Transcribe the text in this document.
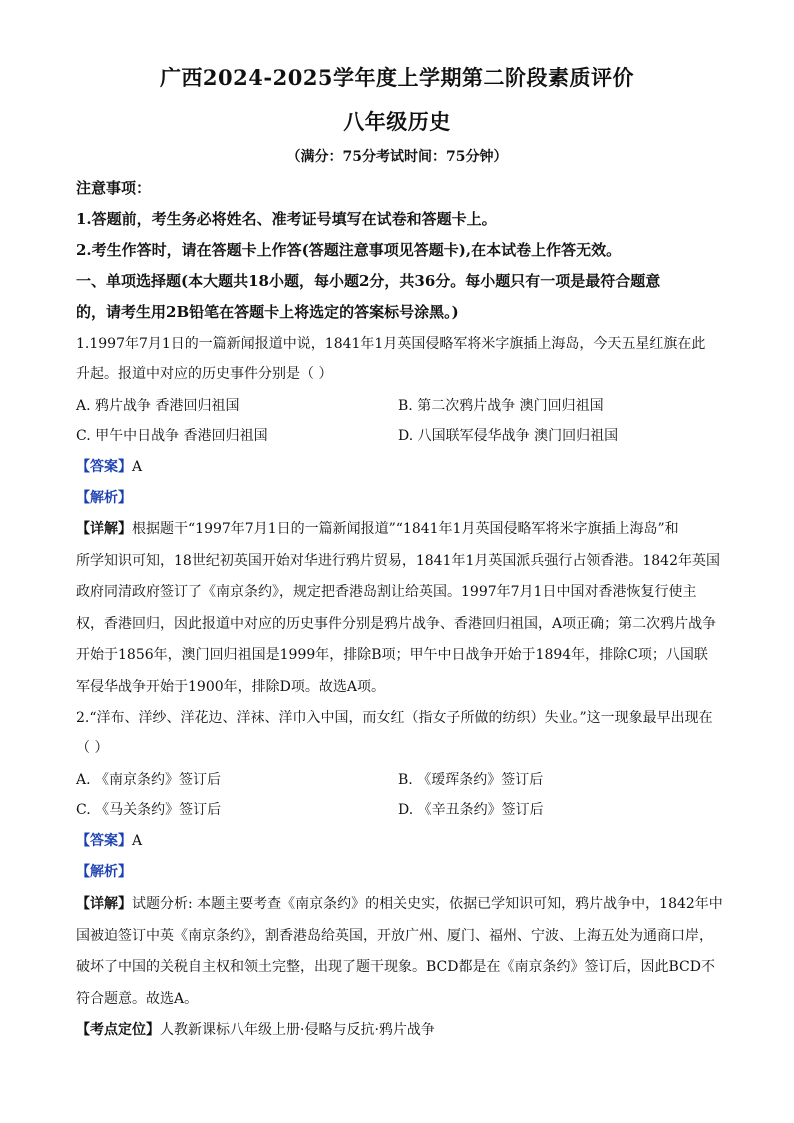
广西2024-2025学年度上学期第二阶段素质评价
八年级历史
（满分：75分考试时间：75分钟）
注意事项：
1.答题前，考生务必将姓名、准考证号填写在试卷和答题卡上。
2.考生作答时，请在答题卡上作答(答题注意事项见答题卡),在本试卷上作答无效。
一、单项选择题(本大题共18小题，每小题2分，共36分。每小题只有一项是最符合题意
的，请考生用2B铅笔在答题卡上将选定的答案标号涂黑。)
1.1997年7月1日的一篇新闻报道中说，1841年1月英国侵略军将米字旗插上海岛，今天五星红旗在此
升起。报道中对应的历史事件分别是（ ）
A. 鸦片战争 香港回归祖国	B. 第二次鸦片战争 澳门回归祖国
C. 甲午中日战争 香港回归祖国	D. 八国联军侵华战争 澳门回归祖国
【答案】A
【解析】
【详解】根据题干“1997年7月1日的一篇新闻报道”“1841年1月英国侵略军将米字旗插上海岛”和
所学知识可知，18世纪初英国开始对华进行鸦片贸易，1841年1月英国派兵强行占领香港。1842年英国
政府同清政府签订了《南京条约》，规定把香港岛割让给英国。1997年7月1日中国对香港恢复行使主
权，香港回归，因此报道中对应的历史事件分别是鸦片战争、香港回归祖国，A项正确；第二次鸦片战争
开始于1856年，澳门回归祖国是1999年，排除B项；甲午中日战争开始于1894年，排除C项；八国联
军侵华战争开始于1900年，排除D项。故选A项。
2.“洋布、洋纱、洋花边、洋袜、洋巾入中国，而女红（指女子所做的纺织）失业。”这一现象最早出现在
（ ）
A. 《南京条约》签订后	B. 《瑷珲条约》签订后
C. 《马关条约》签订后	D. 《辛丑条约》签订后
【答案】A
【解析】
【详解】试题分析: 本题主要考查《南京条约》的相关史实，依据已学知识可知，鸦片战争中，1842年中
国被迫签订中英《南京条约》，割香港岛给英国，开放广州、厦门、福州、宁波、上海五处为通商口岸，
破坏了中国的关税自主权和领土完整，出现了题干现象。BCD都是在《南京条约》签订后，因此BCD不
符合题意。故选A。
【考点定位】人教新课标八年级上册·侵略与反抗·鸦片战争
